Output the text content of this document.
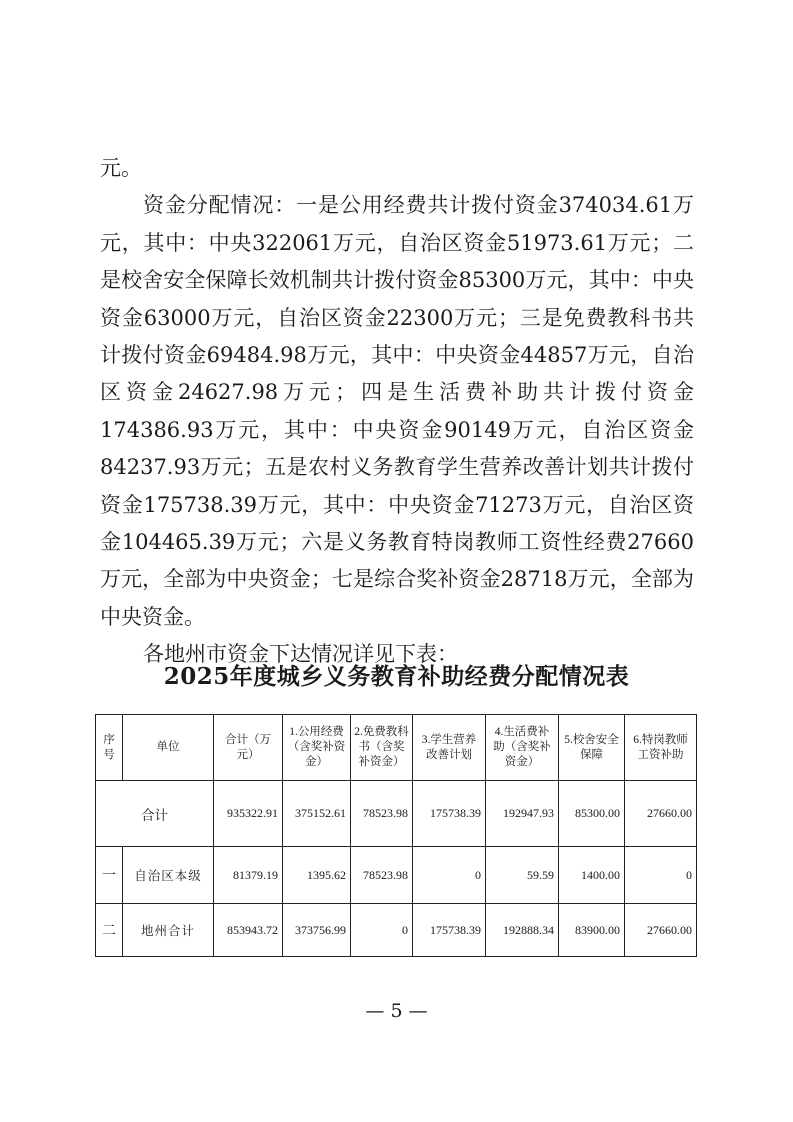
元。

资金分配情况：一是公用经费共计拨付资金374034.61万元，其中：中央322061万元，自治区资金51973.61万元；二是校舍安全保障长效机制共计拨付资金85300万元，其中：中央资金63000万元，自治区资金22300万元；三是免费教科书共计拨付资金69484.98万元，其中：中央资金44857万元，自治区资金24627.98万元；四是生活费补助共计拨付资金174386.93万元，其中：中央资金90149万元，自治区资金84237.93万元；五是农村义务教育学生营养改善计划共计拨付资金175738.39万元，其中：中央资金71273万元，自治区资金104465.39万元；六是义务教育特岗教师工资性经费27660万元，全部为中央资金；七是综合奖补资金28718万元，全部为中央资金。

各地州市资金下达情况详见下表：

2025年度城乡义务教育补助经费分配情况表
序号	单位	合计（万元）	1.公用经费（含奖补资金）	2.免费教科书（含奖补资金）	3.学生营养改善计划	4.生活费补助（含奖补资金）	5.校舍安全保障	6.特岗教师工资补助
合计		935322.91	375152.61	78523.98	175738.39	192947.93	85300.00	27660.00
一	自治区本级	81379.19	1395.62	78523.98	0	59.59	1400.00	0
二	地州合计	853943.72	373756.99	0	175738.39	192888.34	83900.00	27660.00
— 5 —
